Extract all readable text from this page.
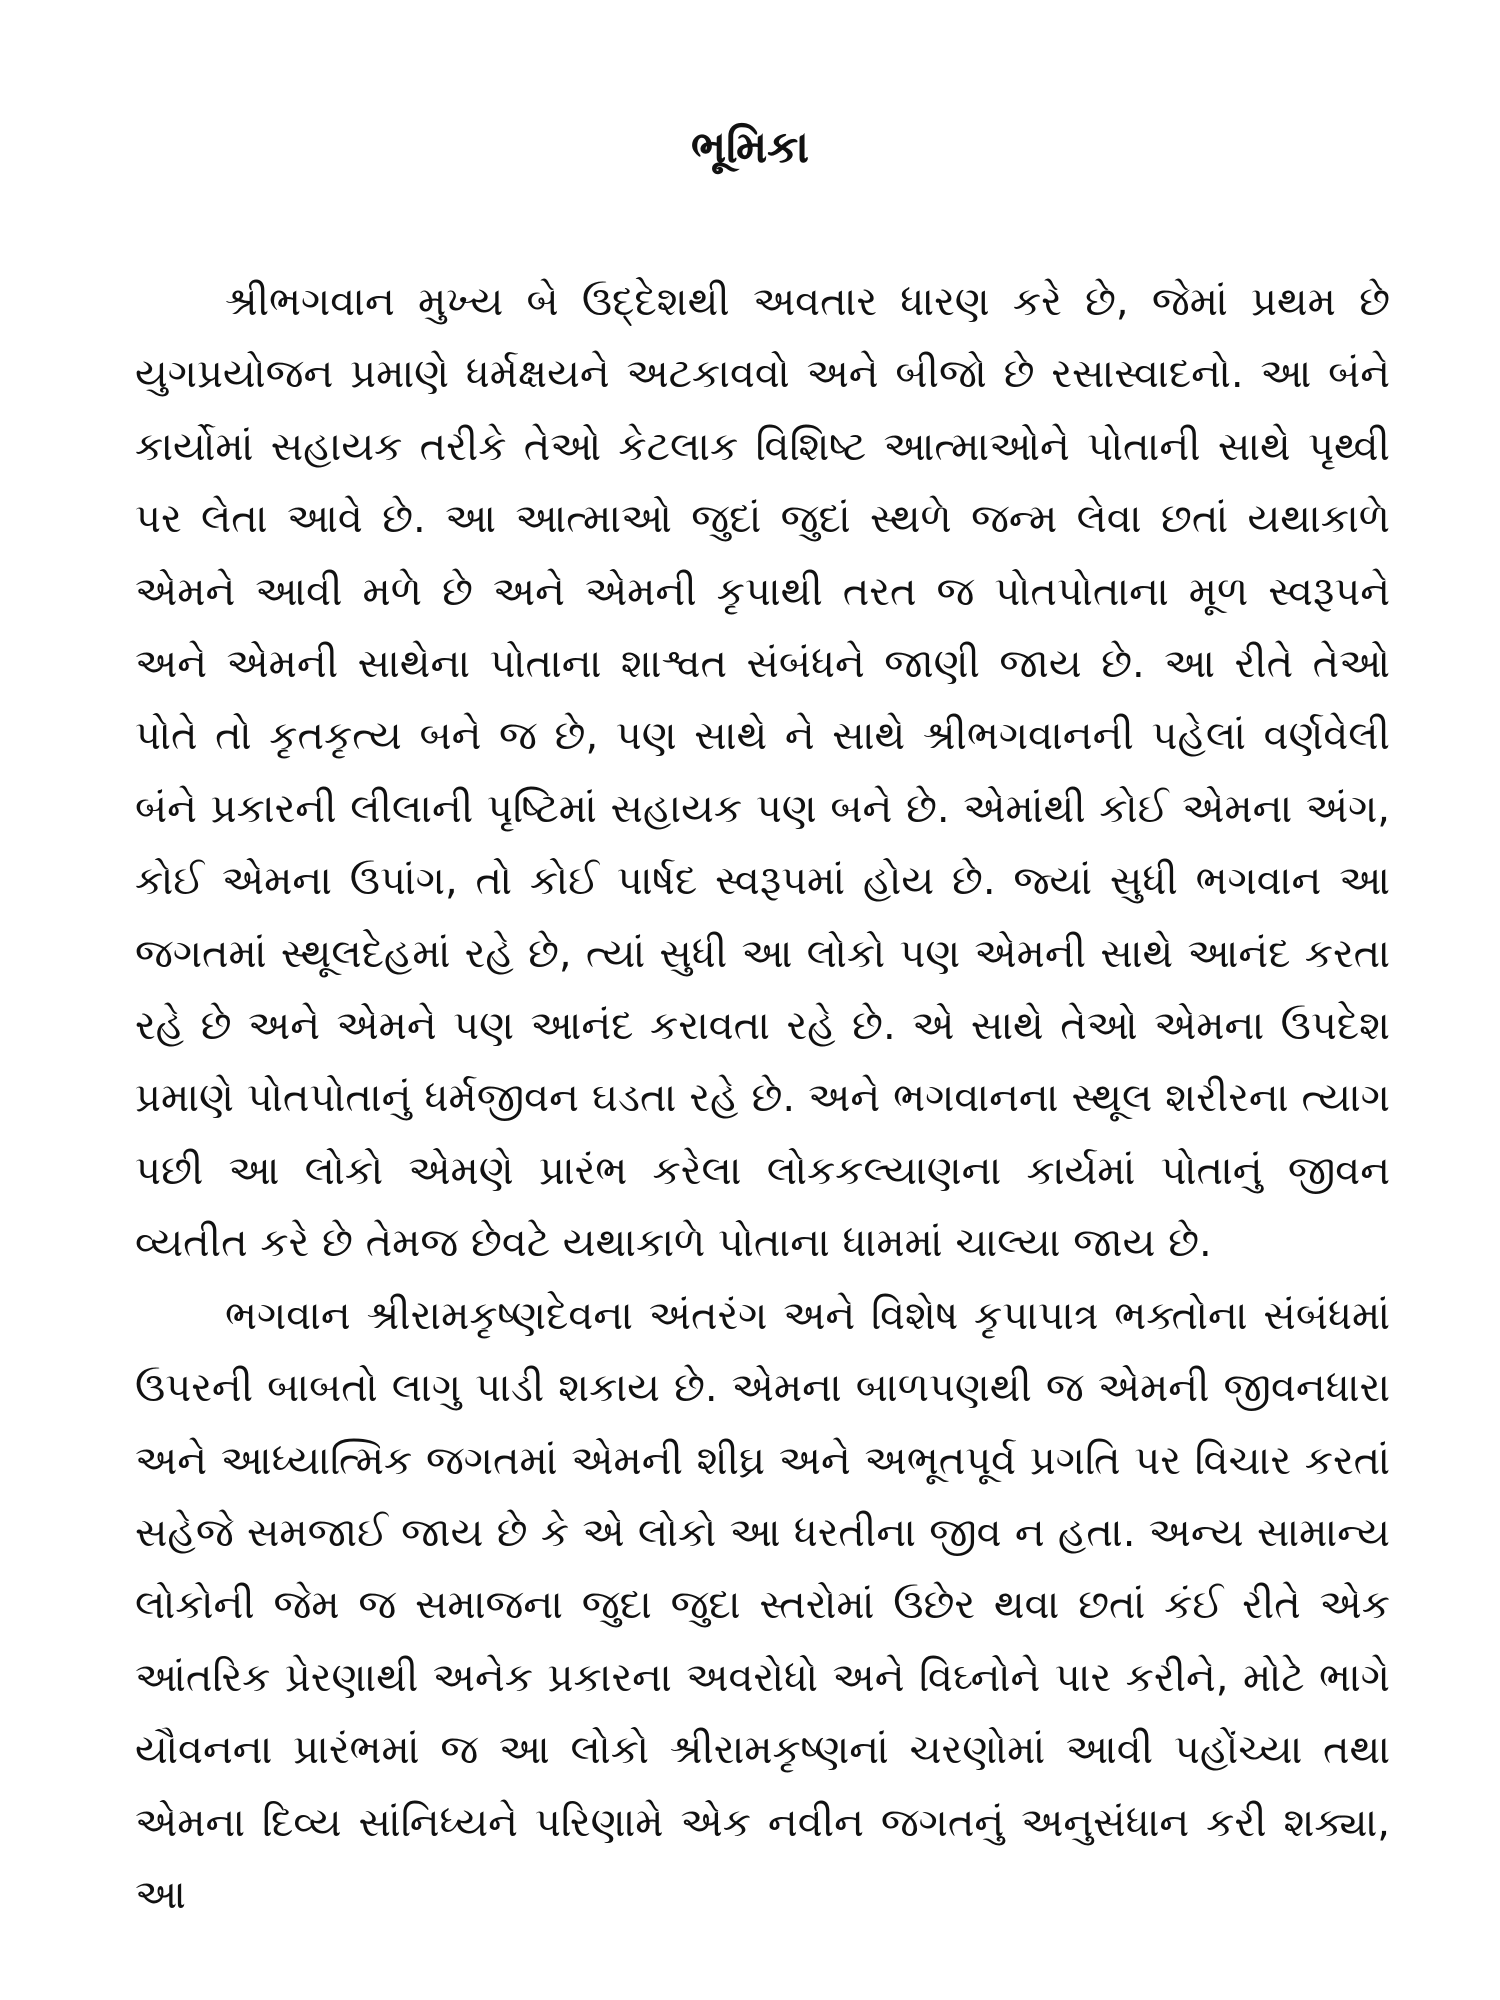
ભૂમિકા

શ્રીભગવાન મુખ્ય બે ઉદ્દેશથી અવતાર ધારણ કરે છે, જેમાં પ્રથમ છે યુગપ્રયોજન પ્રમાણે ધર્મક્ષયને અટકાવવો અને બીજો છે રસાસ્વાદનો. આ બંને કાર્યોમાં સહાયક તરીકે તેઓ કેટલાક વિશિષ્ટ આત્માઓને પોતાની સાથે પૃથ્વી પર લેતા આવે છે. આ આત્માઓ જુદાં જુદાં સ્થળે જન્મ લેવા છતાં યથાકાળે એમને આવી મળે છે અને એમની કૃપાથી તરત જ પોતપોતાના મૂળ સ્વરૂપને અને એમની સાથેના પોતાના શાશ્વત સંબંધને જાણી જાય છે. આ રીતે તેઓ પોતે તો કૃતકૃત્ય બને જ છે, પણ સાથે ને સાથે શ્રીભગવાનની પહેલાં વર્ણવેલી બંને પ્રકારની લીલાની પૃષ્ટિમાં સહાયક પણ બને છે. એમાંથી કોઈ એમના અંગ, કોઈ એમના ઉપાંગ, તો કોઈ પાર્ષદ સ્વરૂપમાં હોય છે. જ્યાં સુધી ભગવાન આ જગતમાં સ્થૂલદેહમાં રહે છે, ત્યાં સુધી આ લોકો પણ એમની સાથે આનંદ કરતા રહે છે અને એમને પણ આનંદ કરાવતા રહે છે. એ સાથે તેઓ એમના ઉપદેશ પ્રમાણે પોતપોતાનું ધર્મજીવન ઘડતા રહે છે. અને ભગવાનના સ્થૂલ શરીરના ત્યાગ પછી આ લોકો એમણે પ્રારંભ કરેલા લોકકલ્યાણના કાર્યમાં પોતાનું જીવન વ્યતીત કરે છે તેમજ છેવટે યથાકાળે પોતાના ધામમાં ચાલ્યા જાય છે.

ભગવાન શ્રીરામકૃષ્ણદેવના અંતરંગ અને વિશેષ કૃપાપાત્ર ભક્તોના સંબંધમાં ઉપરની બાબતો લાગુ પાડી શકાય છે. એમના બાળપણથી જ એમની જીવનધારા અને આધ્યાત્મિક જગતમાં એમની શીઘ્ર અને અભૂતપૂર્વ પ્રગતિ પર વિચાર કરતાં સહેજે સમજાઈ જાય છે કે એ લોકો આ ધરતીના જીવ ન હતા. અન્ય સામાન્ય લોકોની જેમ જ સમાજના જુદા જુદા સ્તરોમાં ઉછેર થવા છતાં કંઈ રીતે એક આંતરિક પ્રેરણાથી અનેક પ્રકારના અવરોધો અને વિઘ્નોને પાર કરીને, મોટે ભાગે યૌવનના પ્રારંભમાં જ આ લોકો શ્રીરામકૃષ્ણનાં ચરણોમાં આવી પહોંચ્યા તથા એમના દિવ્ય સાંનિધ્યને પરિણામે એક નવીન જગતનું અનુસંધાન કરી શક્યા, આ
